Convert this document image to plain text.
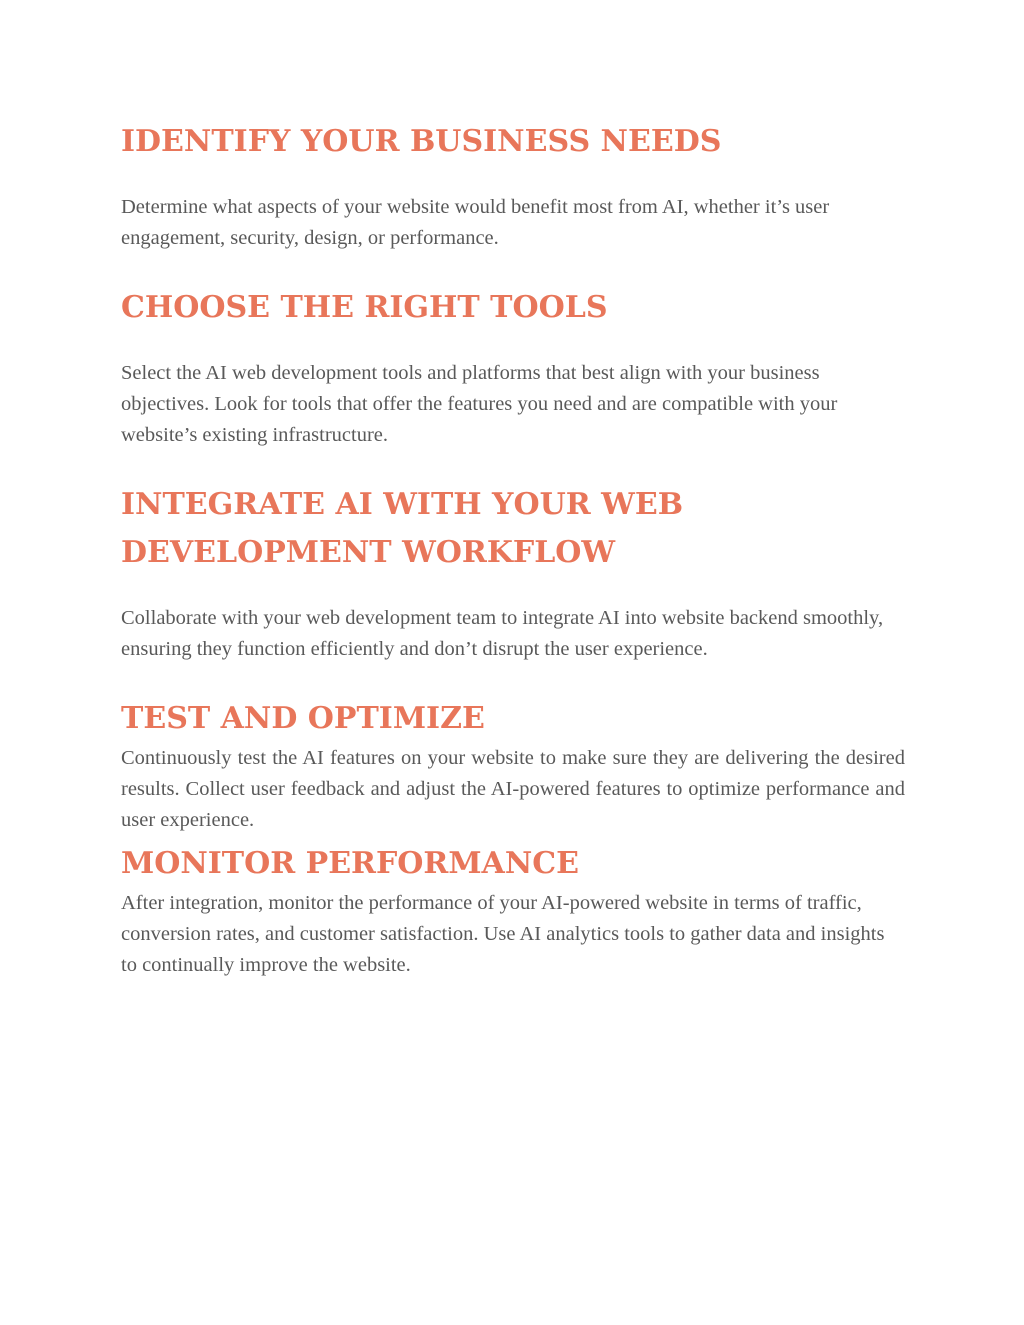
IDENTIFY YOUR BUSINESS NEEDS

Determine what aspects of your website would benefit most from AI, whether it’s user engagement, security, design, or performance.

CHOOSE THE RIGHT TOOLS

Select the AI web development tools and platforms that best align with your business objectives. Look for tools that offer the features you need and are compatible with your website’s existing infrastructure.

INTEGRATE AI WITH YOUR WEB DEVELOPMENT WORKFLOW

Collaborate with your web development team to integrate AI into website backend smoothly, ensuring they function efficiently and don’t disrupt the user experience.

TEST AND OPTIMIZE

Continuously test the AI features on your website to make sure they are delivering the desired results. Collect user feedback and adjust the AI-powered features to optimize performance and user experience.

MONITOR PERFORMANCE

After integration, monitor the performance of your AI-powered website in terms of traffic, conversion rates, and customer satisfaction. Use AI analytics tools to gather data and insights to continually improve the website.
